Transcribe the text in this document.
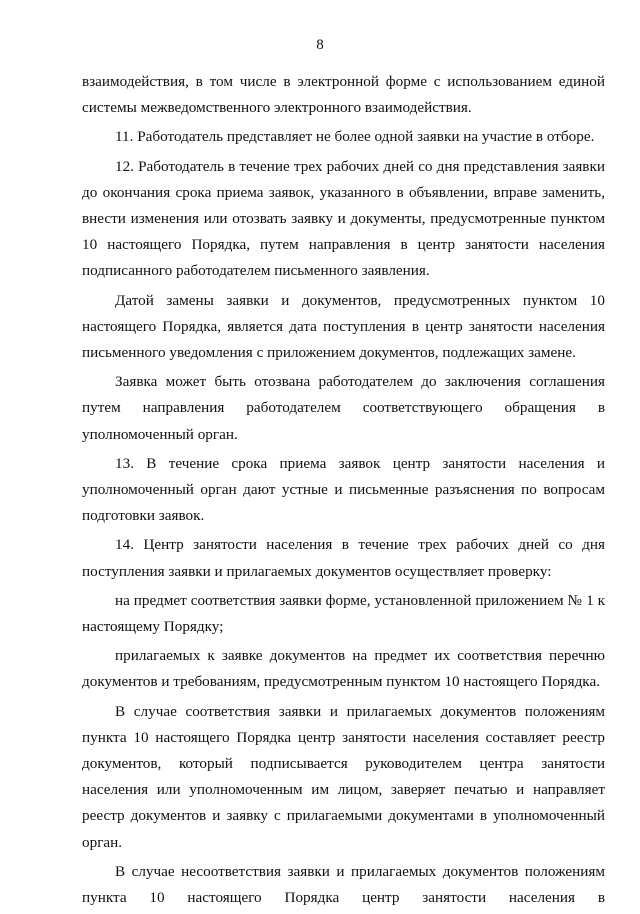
8

взаимодействия, в том числе в электронной форме с использованием единой системы межведомственного электронного взаимодействия.

11. Работодатель представляет не более одной заявки на участие в отборе.

12. Работодатель в течение трех рабочих дней со дня представления заявки до окончания срока приема заявок, указанного в объявлении, вправе заменить, внести изменения или отозвать заявку и документы, предусмотренные пунктом 10 настоящего Порядка, путем направления в центр занятости населения подписанного работодателем письменного заявления.

Датой замены заявки и документов, предусмотренных пунктом 10 настоящего Порядка, является дата поступления в центр занятости населения письменного уведомления с приложением документов, подлежащих замене.

Заявка может быть отозвана работодателем до заключения соглашения путем направления работодателем соответствующего обращения в уполномоченный орган.

13. В течение срока приема заявок центр занятости населения и уполномоченный орган дают устные и письменные разъяснения по вопросам подготовки заявок.

14. Центр занятости населения в течение трех рабочих дней со дня поступления заявки и прилагаемых документов осуществляет проверку:

на предмет соответствия заявки форме, установленной приложением № 1 к настоящему Порядку;

прилагаемых к заявке документов на предмет их соответствия перечню документов и требованиям, предусмотренным пунктом 10 настоящего Порядка.

В случае соответствия заявки и прилагаемых документов положениям пункта 10 настоящего Порядка центр занятости населения составляет реестр документов, который подписывается руководителем центра занятости населения или уполномоченным им лицом, заверяет печатью и направляет реестр документов и заявку с прилагаемыми документами в уполномоченный орган.

В случае несоответствия заявки и прилагаемых документов положениям пункта 10 настоящего Порядка центр занятости населения в
